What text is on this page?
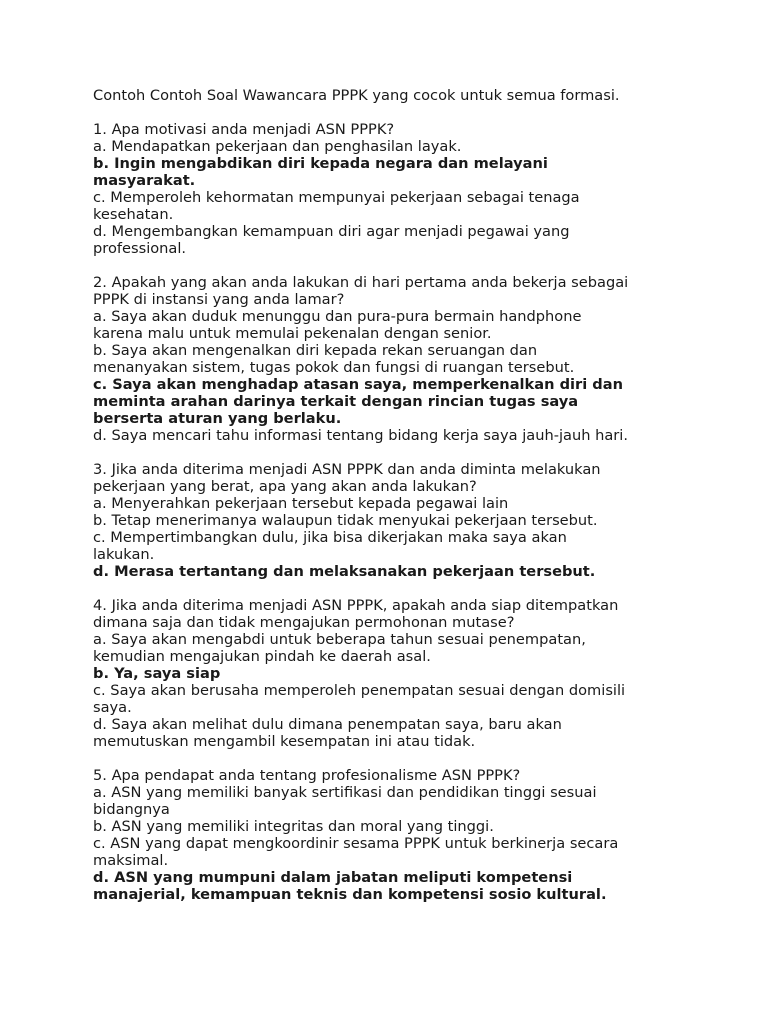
Contoh Contoh Soal Wawancara PPPK yang cocok untuk semua formasi.
1. Apa motivasi anda menjadi ASN PPPK?
a. Mendapatkan pekerjaan dan penghasilan layak.
b. Ingin mengabdikan diri kepada negara dan melayani
masyarakat.
c. Memperoleh kehormatan mempunyai pekerjaan sebagai tenaga
kesehatan.
d. Mengembangkan kemampuan diri agar menjadi pegawai yang
professional.
2. Apakah yang akan anda lakukan di hari pertama anda bekerja sebagai
PPPK di instansi yang anda lamar?
a. Saya akan duduk menunggu dan pura-pura bermain handphone
karena malu untuk memulai pekenalan dengan senior.
b. Saya akan mengenalkan diri kepada rekan seruangan dan
menanyakan sistem, tugas pokok dan fungsi di ruangan tersebut.
c. Saya akan menghadap atasan saya, memperkenalkan diri dan
meminta arahan darinya terkait dengan rincian tugas saya
berserta aturan yang berlaku.
d. Saya mencari tahu informasi tentang bidang kerja saya jauh-jauh hari.
3. Jika anda diterima menjadi ASN PPPK dan anda diminta melakukan
pekerjaan yang berat, apa yang akan anda lakukan?
a. Menyerahkan pekerjaan tersebut kepada pegawai lain
b. Tetap menerimanya walaupun tidak menyukai pekerjaan tersebut.
c. Mempertimbangkan dulu, jika bisa dikerjakan maka saya akan
lakukan.
d. Merasa tertantang dan melaksanakan pekerjaan tersebut.
4. Jika anda diterima menjadi ASN PPPK, apakah anda siap ditempatkan
dimana saja dan tidak mengajukan permohonan mutase?
a. Saya akan mengabdi untuk beberapa tahun sesuai penempatan,
kemudian mengajukan pindah ke daerah asal.
b. Ya, saya siap
c. Saya akan berusaha memperoleh penempatan sesuai dengan domisili
saya.
d. Saya akan melihat dulu dimana penempatan saya, baru akan
memutuskan mengambil kesempatan ini atau tidak.
5. Apa pendapat anda tentang profesionalisme ASN PPPK?
a. ASN yang memiliki banyak sertifikasi dan pendidikan tinggi sesuai
bidangnya
b. ASN yang memiliki integritas dan moral yang tinggi.
c. ASN yang dapat mengkoordinir sesama PPPK untuk berkinerja secara
maksimal.
d. ASN yang mumpuni dalam jabatan meliputi kompetensi
manajerial, kemampuan teknis dan kompetensi sosio kultural.
